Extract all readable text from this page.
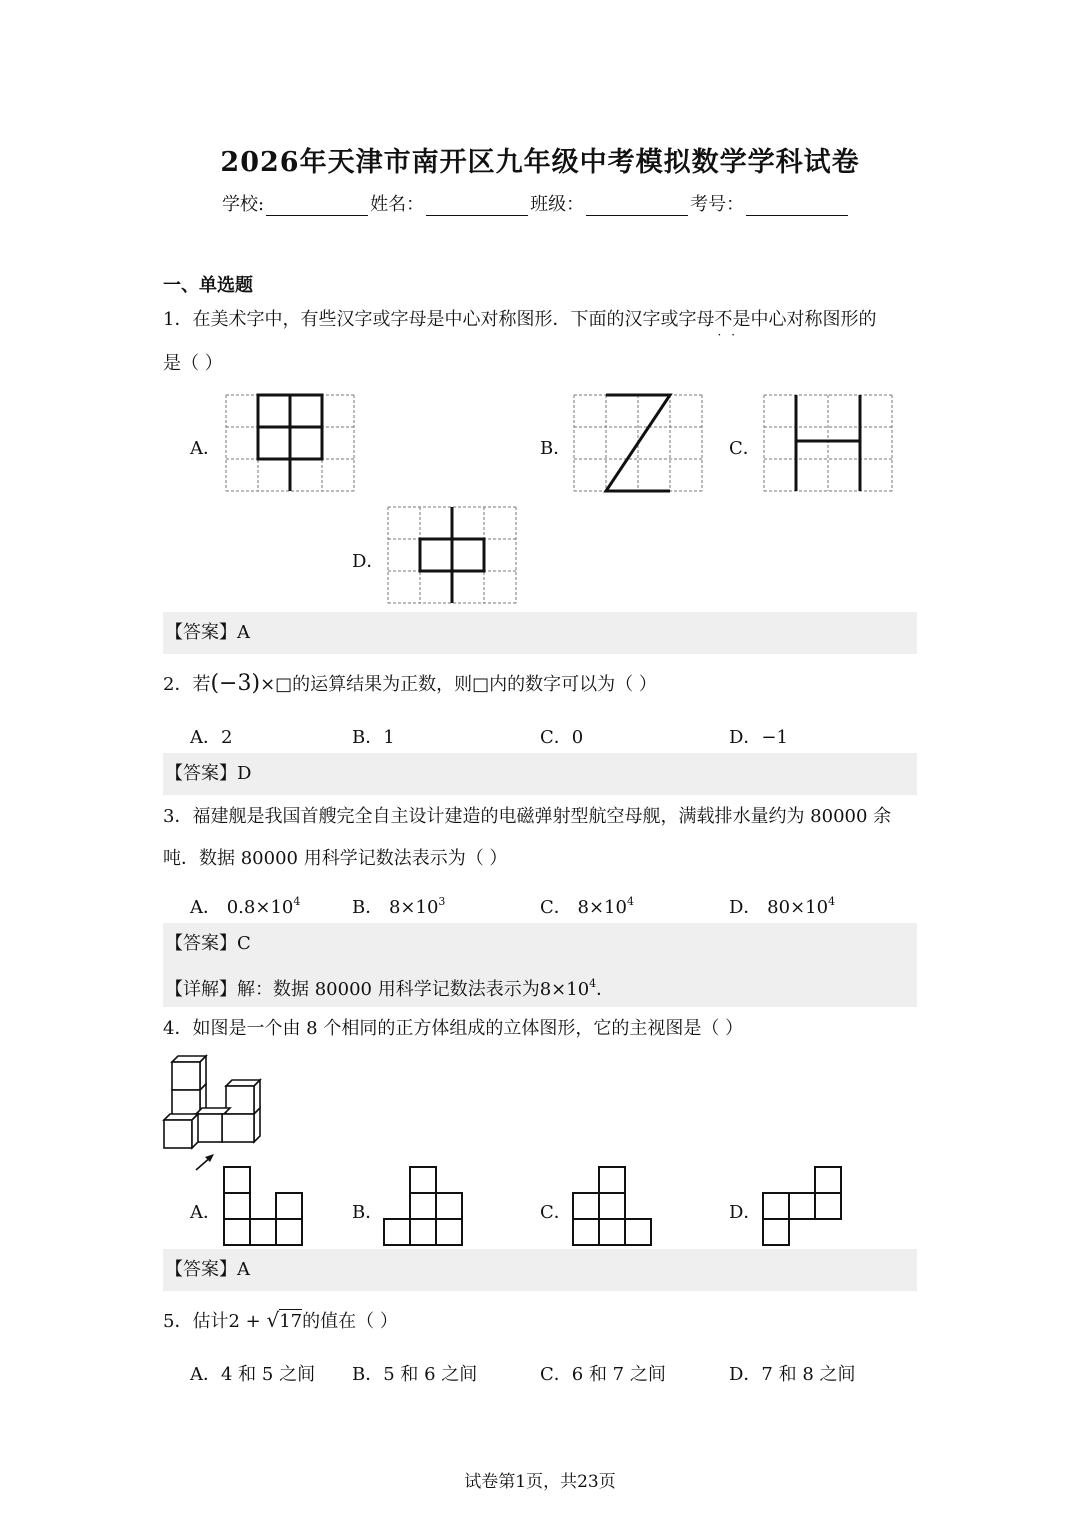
2026年天津市南开区九年级中考模拟数学学科试卷
学校:	姓名：	班级：	考号：
一、单选题
1．在美术字中，有些汉字或字母是中心对称图形．下面的汉字或字母不是
··
中心对称图形的
是（ ）
A．	B．	C．
D．
【答案】A
2．若(−3)×□的运算结果为正数，则□内的数字可以为（ ）
A．2	B．1	C．0	D．−1
【答案】D
3．福建舰是我国首艘完全自主设计建造的电磁弹射型航空母舰，满载排水量约为 80000 余
吨．数据 80000 用科学记数法表示为（ ）
A． $0.8\times 10^4$	B． $8\times 10^3$	C． $8\times 10^4$	D． $80\times 10^4$
【答案】C
【详解】解：数据 80000 用科学记数法表示为$8\times 10^4$．
4．如图是一个由 8 个相同的正方体组成的立体图形，它的主视图是（ ）
A．	B．	C．	D．
【答案】A
5．估计2 + √17的值在（ ）
A．4 和 5 之间 B．5 和 6 之间	C．6 和 7 之间	D．7 和 8 之间
试卷第1页，共23页
